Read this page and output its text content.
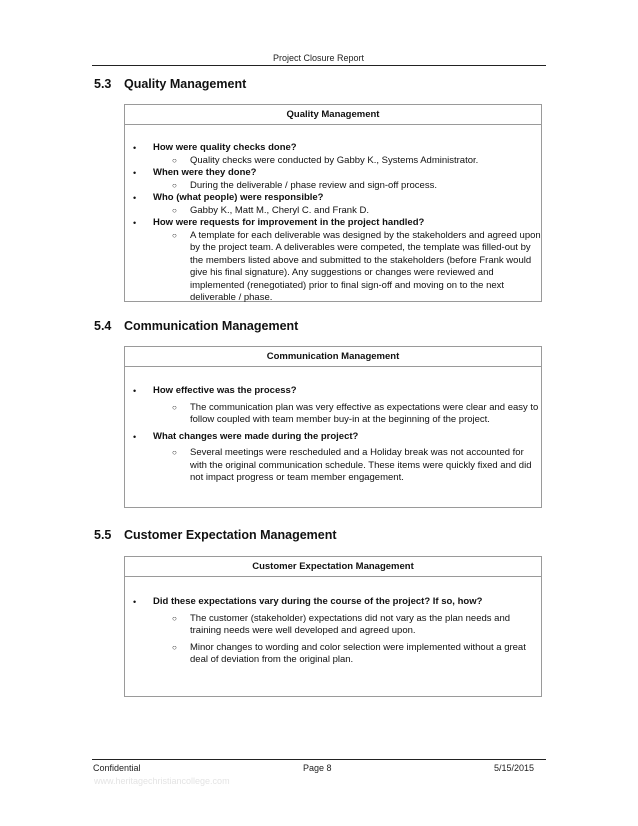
Project Closure Report
5.3 Quality Management
Quality Management
• How were quality checks done?
○ Quality checks were conducted by Gabby K., Systems Administrator.
• When were they done?
○ During the deliverable / phase review and sign-off process.
• Who (what people) were responsible?
○ Gabby K., Matt M., Cheryl C. and Frank D.
• How were requests for improvement in the project handled?
○ A template for each deliverable was designed by the stakeholders and agreed upon by the project team. A deliverables were competed, the template was filled-out by the members listed above and submitted to the stakeholders (before Frank would give his final signature). Any suggestions or changes were reviewed and implemented (renegotiated) prior to final sign-off and moving on to the next deliverable / phase.
5.4 Communication Management
Communication Management
• How effective was the process?
○ The communication plan was very effective as expectations were clear and easy to follow coupled with team member buy-in at the beginning of the project.
• What changes were made during the project?
○ Several meetings were rescheduled and a Holiday break was not accounted for with the original communication schedule. These items were quickly fixed and did not impact progress or team member engagement.
5.5 Customer Expectation Management
Customer Expectation Management
• Did these expectations vary during the course of the project? If so, how?
○ The customer (stakeholder) expectations did not vary as the plan needs and training needs were well developed and agreed upon.
○ Minor changes to wording and color selection were implemented without a great deal of deviation from the original plan.
Confidential	Page 8	5/15/2015
www.heritagechristiancollege.com
